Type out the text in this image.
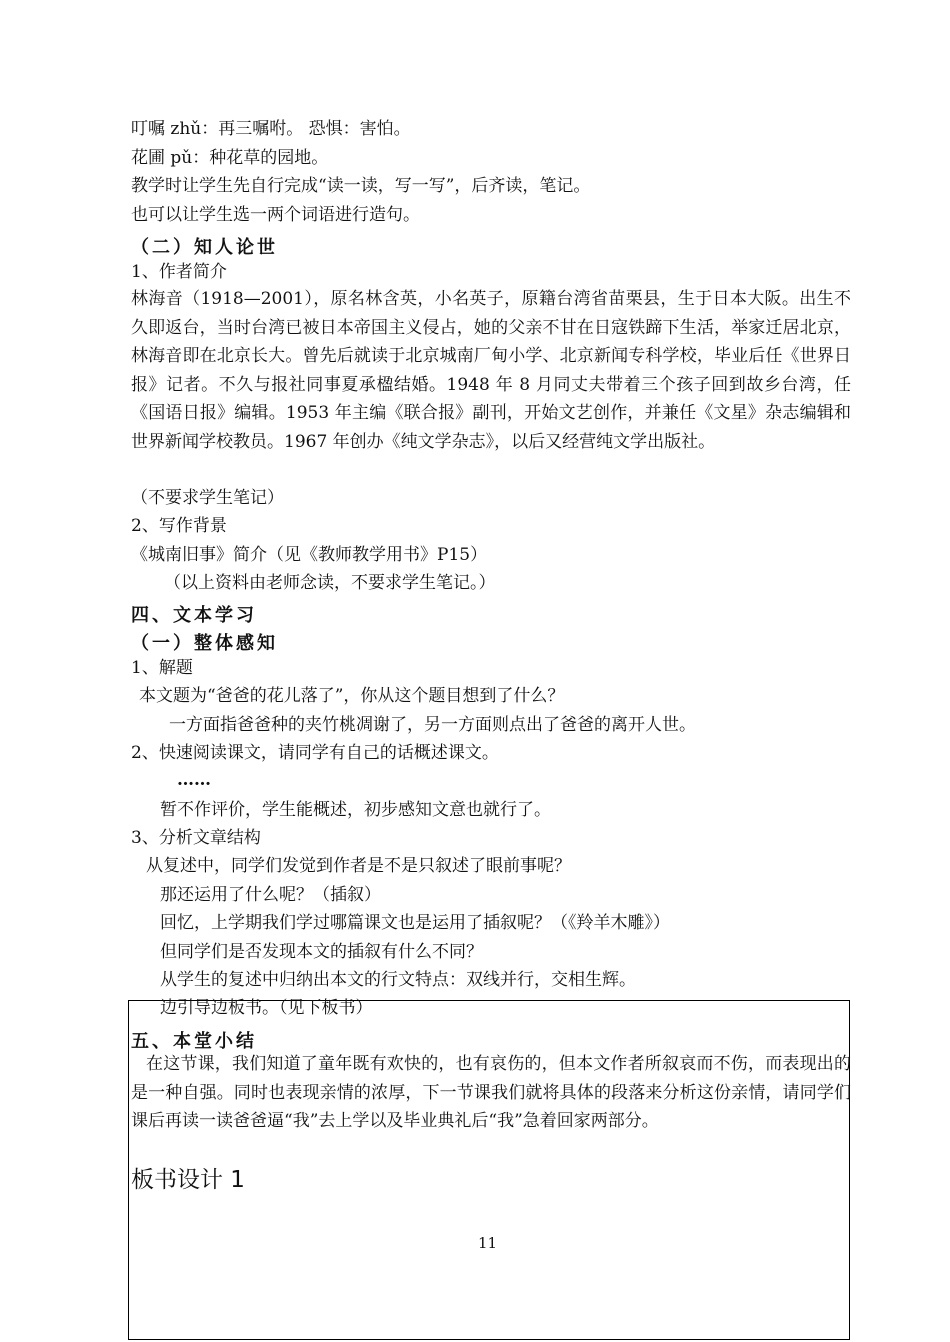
叮嘱 zhǔ：再三嘱咐。 恐惧：害怕。
花圃 pǔ：种花草的园地。
教学时让学生先自行完成“读一读，写一写”，后齐读，笔记。
也可以让学生选一两个词语进行造句。
（二）知人论世
1、作者简介
林海音（1918—2001），原名林含英，小名英子，原籍台湾省苗栗县，生于日本大阪。出生不久即返台，当时台湾已被日本帝国主义侵占，她的父亲不甘在日寇铁蹄下生活，举家迁居北京，林海音即在北京长大。曾先后就读于北京城南厂甸小学、北京新闻专科学校，毕业后任《世界日报》记者。不久与报社同事夏承楹结婚。1948 年 8 月同丈夫带着三个孩子回到故乡台湾，任《国语日报》编辑。1953 年主编《联合报》副刊，开始文艺创作，并兼任《文星》杂志编辑和世界新闻学校教员。1967 年创办《纯文学杂志》，以后又经营纯文学出版社。
（不要求学生笔记）
2、写作背景
《城南旧事》简介（见《教师教学用书》P15）
（以上资料由老师念读，不要求学生笔记。）
四、文本学习
（一）整体感知
1、解题
本文题为“爸爸的花儿落了”，你从这个题目想到了什么？
一方面指爸爸种的夹竹桃凋谢了，另一方面则点出了爸爸的离开人世。
2、快速阅读课文，请同学有自己的话概述课文。
……
暂不作评价，学生能概述，初步感知文意也就行了。
3、分析文章结构
从复述中，同学们发觉到作者是不是只叙述了眼前事呢？
那还运用了什么呢？（插叙）
回忆，上学期我们学过哪篇课文也是运用了插叙呢？（《羚羊木雕》）
但同学们是否发现本文的插叙有什么不同？
从学生的复述中归纳出本文的行文特点：双线并行，交相生辉。
边引导边板书。（见下板书）
五、本堂小结
在这节课，我们知道了童年既有欢快的，也有哀伤的，但本文作者所叙哀而不伤，而表现出的是一种自强。同时也表现亲情的浓厚，下一节课我们就将具体的段落来分析这份亲情，请同学们课后再读一读爸爸逼“我”去上学以及毕业典礼后“我”急着回家两部分。
板书设计 1
11
